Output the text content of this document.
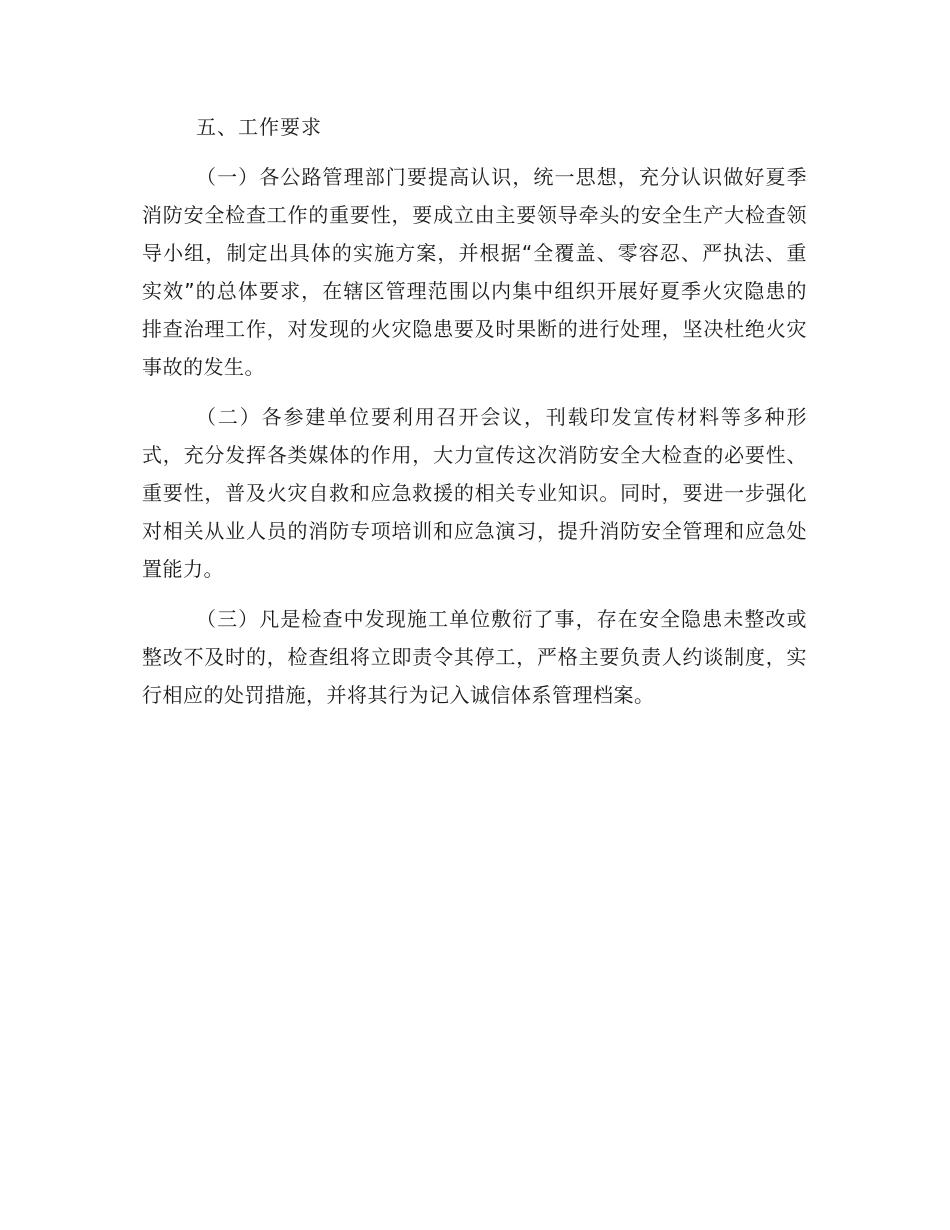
五、工作要求

（一）各公路管理部门要提高认识，统一思想，充分认识做好夏季消防安全检查工作的重要性，要成立由主要领导牵头的安全生产大检查领导小组，制定出具体的实施方案，并根据“全覆盖、零容忍、严执法、重实效”的总体要求，在辖区管理范围以内集中组织开展好夏季火灾隐患的排查治理工作，对发现的火灾隐患要及时果断的进行处理，坚决杜绝火灾事故的发生。

（二）各参建单位要利用召开会议，刊载印发宣传材料等多种形式，充分发挥各类媒体的作用，大力宣传这次消防安全大检查的必要性、重要性，普及火灾自救和应急救援的相关专业知识。同时，要进一步强化对相关从业人员的消防专项培训和应急演习，提升消防安全管理和应急处置能力。

（三）凡是检查中发现施工单位敷衍了事，存在安全隐患未整改或整改不及时的，检查组将立即责令其停工，严格主要负责人约谈制度，实行相应的处罚措施，并将其行为记入诚信体系管理档案。
